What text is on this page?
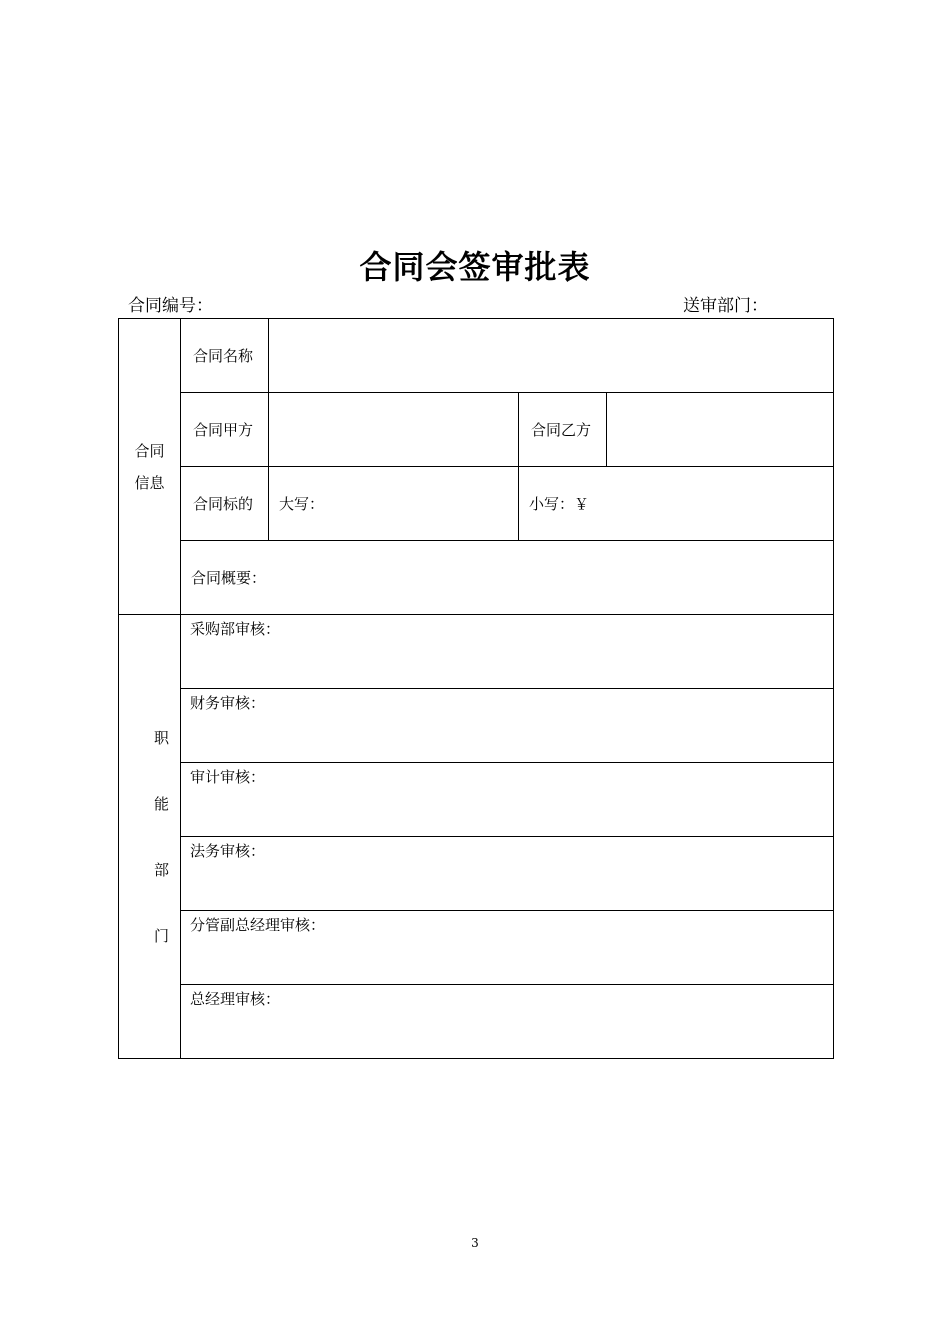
合同会签审批表
合同编号：	送审部门：
合同
信息	合同名称			
	合同甲方		合同乙方	
	合同标的	大写：	小写：￥	
	合同概要：			

职
能
部
门	采购部审核：			
	财务审核：			
	审计审核：			
	法务审核：			
	分管副总经理审核：			
	总经理审核：			
3
